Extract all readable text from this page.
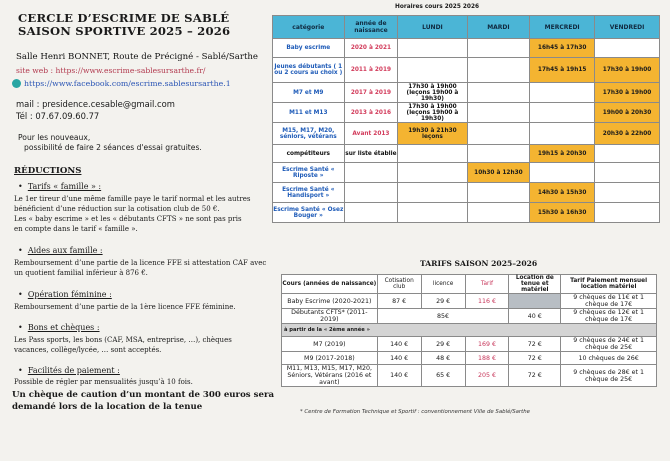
CERCLE D’ESCRIME DE SABLÉ
SAISON SPORTIVE 2025 – 2026
Salle Henri BONNET, Route de Précigné - Sablé/Sarthe
site web : https://www.escrime-sablesursarthe.fr/
https://www.facebook.com/escrime.sablesursarthe.1
mail : presidence.cesable@gmail.com
Tél : 07.67.09.60.77
Pour les nouveaux,
possibilité de faire 2 séances d'essai gratuites.
RÉDUCTIONS
•  Tarifs « famille » :
Le 1er tireur d’une même famille paye le tarif normal et les autres
bénéficient d’une réduction sur la cotisation club de 50 €.
Les « baby escrime » et les « débutants CFTS » ne sont pas pris
en compte dans le tarif « famille ».
•  Aides aux famille :
Remboursement d’une partie de la licence FFE si attestation CAF avec
un quotient familial inférieur à 876 €.
•  Opération féminine :
Remboursement d’une partie de la 1ère licence FFE féminine.
•  Bons et chèques :
Les Pass sports, les bons (CAF, MSA, entreprise, …), chèques
vacances, collège/lycée, … sont acceptés.
•  Facilités de paiement :
Possible de régler par mensualités jusqu’à 10 fois.
Un chèque de caution d’un montant de 300 euros sera
demandé lors de la location de la tenue
Horaires cours 2025 2026
catégorie	année de naissance	LUNDI	MARDI	MERCREDI	VENDREDI
Baby escrime	2020 à 2021			16h45 à 17h30	
Jeunes débutants ( 1 ou 2 cours au choix )	2011 à 2019			17h45 à 19h15	17h30 à 19h00
M7 et M9	2017 à 2019	17h30 à 19h00 (leçons 19h00 à 19h30)			17h30 à 19h00
M11 et M13	2013 à 2016	17h30 à 19h00 (leçons 19h00 à 19h30)			19h00 à 20h30
M15, M17, M20, séniors, vétérans	Avant 2013	19h30 à 21h30 leçons			20h30 à 22h00
compétiteurs	sur liste établie			19h15 à 20h30	
Escrime Santé « Riposte »			10h30 à 12h30		
Escrime Santé « Handisport »				14h30 à 15h30	
Escrime Santé « Osez Bouger »				15h30 à 16h30	
TARIFS SAISON 2025–2026
Cours (années de naissance)	Cotisation club	licence	Tarif	Location de tenue et matériel	Tarif Paiement mensuel location matériel
Baby Escrime (2020-2021)	87 €	29 €	116 €		9 chèques de 11€ et 1 chèque de 17€
Débutants CFTS* (2011-2019)	85€			40 €	9 chèques de 12€ et 1 chèque de 17€
à partir de la « 2ème année »					
M7 (2019)	140 €	29 €	169 €	72 €	9 chèques de 24€ et 1 chèque de 25€
M9 (2017-2018)	140 €	48 €	188 €	72 €	10 chèques de 26€
M11, M13, M15, M17, M20, Séniors, Vétérans (2016 et avant)	140 €	65 €	205 €	72 €	9 chèques de 28€ et 1 chèque de 25€
* Centre de Formation Technique et Sportif : conventionnement Ville de Sablé/Sarthe
